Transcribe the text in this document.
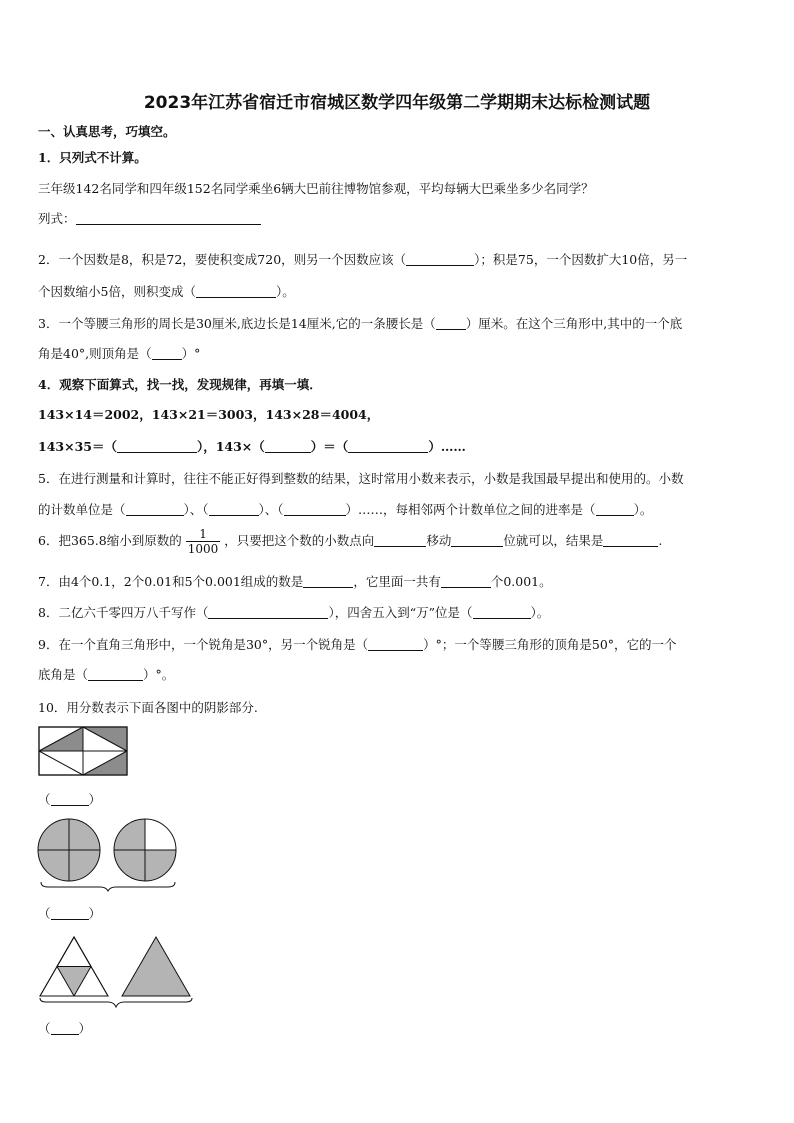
2023年江苏省宿迁市宿城区数学四年级第二学期期末达标检测试题
一、认真思考，巧填空。
1．只列式不计算。
三年级142名同学和四年级152名同学乘坐6辆大巴前往博物馆参观，平均每辆大巴乘坐多少名同学？
列式：
2．一个因数是8，积是72，要使积变成720，则另一个因数应该（	）；积是75，一个因数扩大10倍，另一
个因数缩小5倍，则积变成（	）。
3．一个等腰三角形的周长是30厘米,底边长是14厘米,它的一条腰长是（ ）厘米。在这个三角形中,其中的一个底
角是40°,则顶角是（ ）°
4．观察下面算式，找一找，发现规律，再填一填．
143×14＝2002，143×21＝3003，143×28＝4004，
143×35＝（	），143×（	）＝（	）……
5．在进行测量和计算时，往往不能正好得到整数的结果，这时常用小数来表示，小数是我国最早提出和使用的。小数
的计数单位是（	）、（	）、（	）……，每相邻两个计数单位之间的进率是（	）。
6．把365.8缩小到原数的 $\frac{1}{1000}$ ，只要把这个数的小数点向	移动	位就可以，结果是	.
7．由4个0.1，2个0.01和5个0.001组成的数是	，它里面一共有	个0.001。
8．二亿六千零四万八千写作（	），四舍五入到“万”位是（	）。
9．在一个直角三角形中，一个锐角是30°，另一个锐角是（	）°；一个等腰三角形的顶角是50°，它的一个
底角是（	）°。
10．用分数表示下面各图中的阴影部分.
（	）
（	）
（ ）
